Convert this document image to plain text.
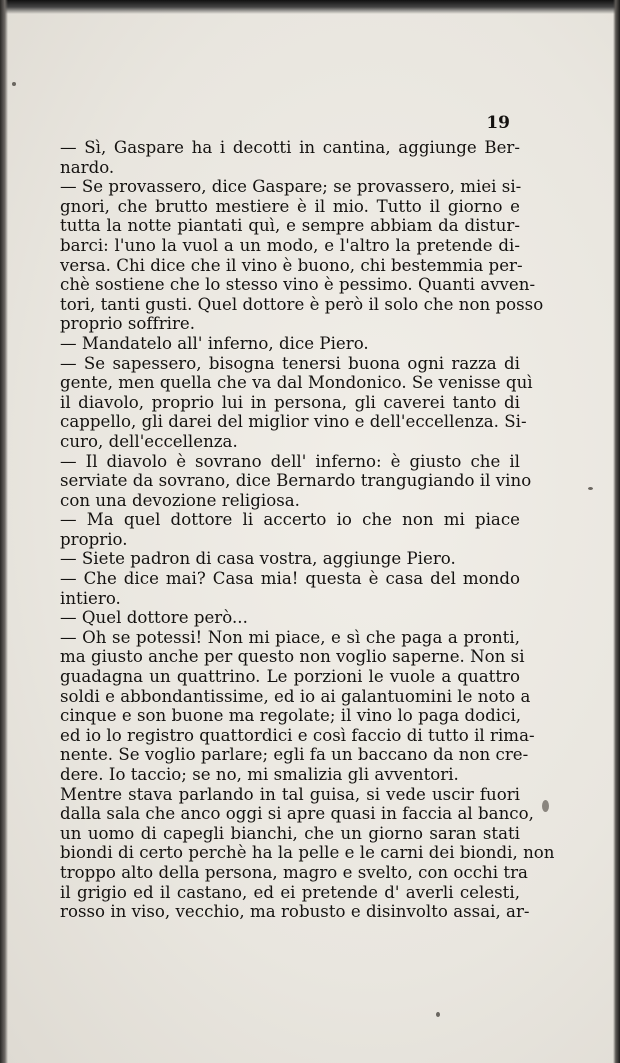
19
— Sì, Gaspare ha i decotti in cantina, aggiunge Ber-
nardo.
— Se provassero, dice Gaspare; se provassero, miei si-
gnori, che brutto mestiere è il mio. Tutto il giorno e
tutta la notte piantati quì, e sempre abbiam da distur-
barci: l'uno la vuol a un modo, e l'altro la pretende di-
versa. Chi dice che il vino è buono, chi bestemmia per-
chè sostiene che lo stesso vino è pessimo. Quanti avven-
tori, tanti gusti. Quel dottore è però il solo che non posso
proprio soffrire.
— Mandatelo all' inferno, dice Piero.
— Se sapessero, bisogna tenersi buona ogni razza di
gente, men quella che va dal Mondonico. Se venisse quì
il diavolo, proprio lui in persona, gli caverei tanto di
cappello, gli darei del miglior vino e dell'eccellenza. Si-
curo, dell'eccellenza.
— Il diavolo è sovrano dell' inferno: è giusto che il
serviate da sovrano, dice Bernardo trangugiando il vino
con una devozione religiosa.
— Ma quel dottore li accerto io che non mi piace
proprio.
— Siete padron di casa vostra, aggiunge Piero.
— Che dice mai? Casa mia! questa è casa del mondo
intiero.
— Quel dottore però...
— Oh se potessi! Non mi piace, e sì che paga a pronti,
ma giusto anche per questo non voglio saperne. Non si
guadagna un quattrino. Le porzioni le vuole a quattro
soldi e abbondantissime, ed io ai galantuomini le noto a
cinque e son buone ma regolate; il vino lo paga dodici,
ed io lo registro quattordici e così faccio di tutto il rima-
nente. Se voglio parlare; egli fa un baccano da non cre-
dere. Io taccio; se no, mi smalizia gli avventori.
Mentre stava parlando in tal guisa, si vede uscir fuori
dalla sala che anco oggi si apre quasi in faccia al banco,
un uomo di capegli bianchi, che un giorno saran stati
biondi di certo perchè ha la pelle e le carni dei biondi, non
troppo alto della persona, magro e svelto, con occhi tra
il grigio ed il castano, ed ei pretende d' averli celesti,
rosso in viso, vecchio, ma robusto e disinvolto assai, ar-
